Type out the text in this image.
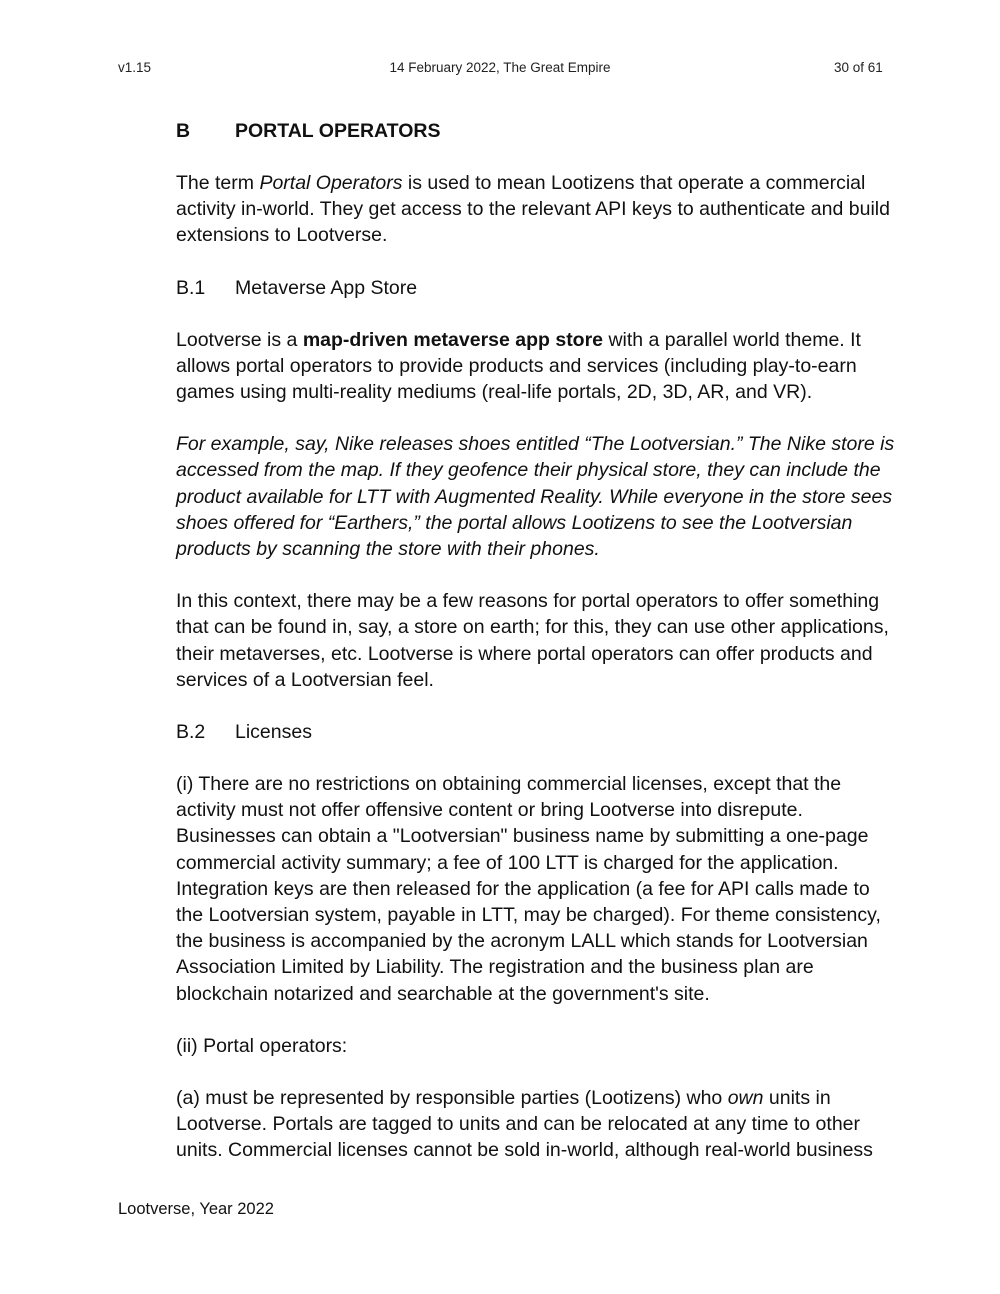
14 February 2022, The Great Empire
v1.15	30 of 61
B	PORTAL OPERATORS

The term Portal Operators is used to mean Lootizens that operate a commercial activity in-world. They get access to the relevant API keys to authenticate and build extensions to Lootverse.

B.1	Metaverse App Store

Lootverse is a map-driven metaverse app store with a parallel world theme. It allows portal operators to provide products and services (including play-to-earn games using multi-reality mediums (real-life portals, 2D, 3D, AR, and VR).

For example, say, Nike releases shoes entitled “The Lootversian.” The Nike store is accessed from the map. If they geofence their physical store, they can include the product available for LTT with Augmented Reality. While everyone in the store sees shoes offered for “Earthers,” the portal allows Lootizens to see the Lootversian products by scanning the store with their phones.

In this context, there may be a few reasons for portal operators to offer something that can be found in, say, a store on earth; for this, they can use other applications, their metaverses, etc. Lootverse is where portal operators can offer products and services of a Lootversian feel.

B.2	Licenses

(i) There are no restrictions on obtaining commercial licenses, except that the activity must not offer offensive content or bring Lootverse into disrepute. Businesses can obtain a "Lootversian" business name by submitting a one-page commercial activity summary; a fee of 100 LTT is charged for the application. Integration keys are then released for the application (a fee for API calls made to the Lootversian system, payable in LTT, may be charged). For theme consistency, the business is accompanied by the acronym LALL which stands for Lootversian Association Limited by Liability. The registration and the business plan are blockchain notarized and searchable at the government's site.

(ii) Portal operators:

(a) must be represented by responsible parties (Lootizens) who own units in Lootverse. Portals are tagged to units and can be relocated at any time to other units. Commercial licenses cannot be sold in-world, although real-world business

Lootverse, Year 2022
